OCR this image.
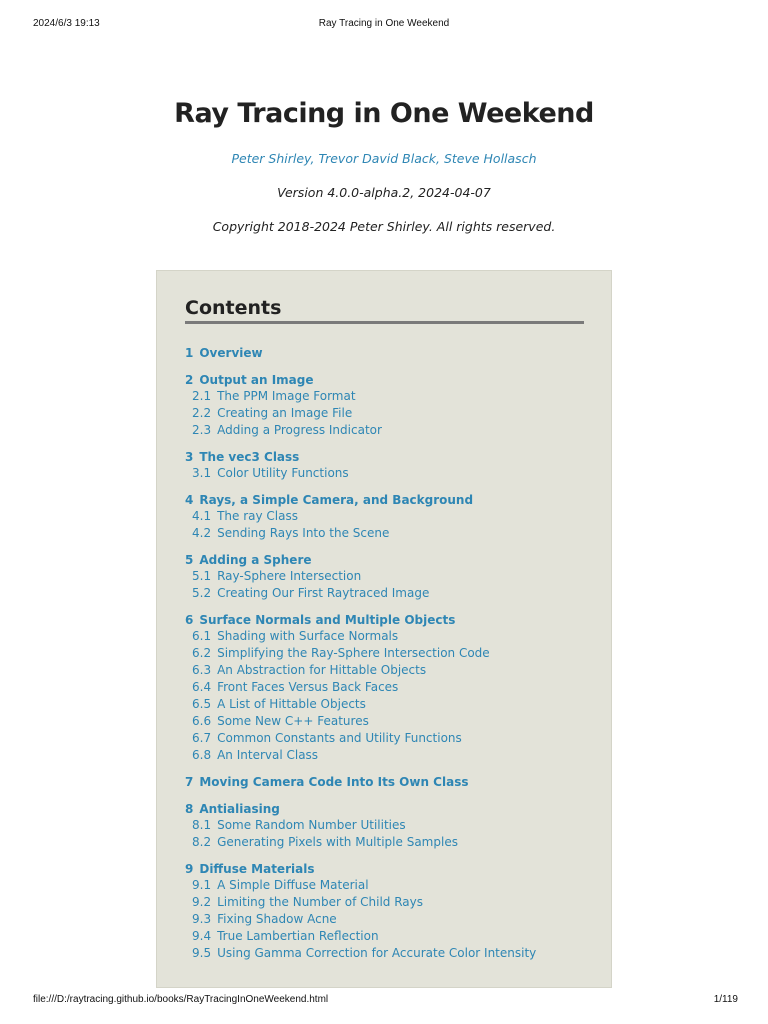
2024/6/3 19:13	Ray Tracing in One Weekend
Ray Tracing in One Weekend
Peter Shirley, Trevor David Black, Steve Hollasch
Version 4.0.0-alpha.2, 2024-04-07
Copyright 2018-2024 Peter Shirley. All rights reserved.
Contents
1 Overview
2 Output an Image
2.1 The PPM Image Format
2.2 Creating an Image File
2.3 Adding a Progress Indicator
3 The vec3 Class
3.1 Color Utility Functions
4 Rays, a Simple Camera, and Background
4.1 The ray Class
4.2 Sending Rays Into the Scene
5 Adding a Sphere
5.1 Ray-Sphere Intersection
5.2 Creating Our First Raytraced Image
6 Surface Normals and Multiple Objects
6.1 Shading with Surface Normals
6.2 Simplifying the Ray-Sphere Intersection Code
6.3 An Abstraction for Hittable Objects
6.4 Front Faces Versus Back Faces
6.5 A List of Hittable Objects
6.6 Some New C++ Features
6.7 Common Constants and Utility Functions
6.8 An Interval Class
7 Moving Camera Code Into Its Own Class
8 Antialiasing
8.1 Some Random Number Utilities
8.2 Generating Pixels with Multiple Samples
9 Diffuse Materials
9.1 A Simple Diffuse Material
9.2 Limiting the Number of Child Rays
9.3 Fixing Shadow Acne
9.4 True Lambertian Reflection
9.5 Using Gamma Correction for Accurate Color Intensity
file:///D:/raytracing.github.io/books/RayTracingInOneWeekend.html	1/119
